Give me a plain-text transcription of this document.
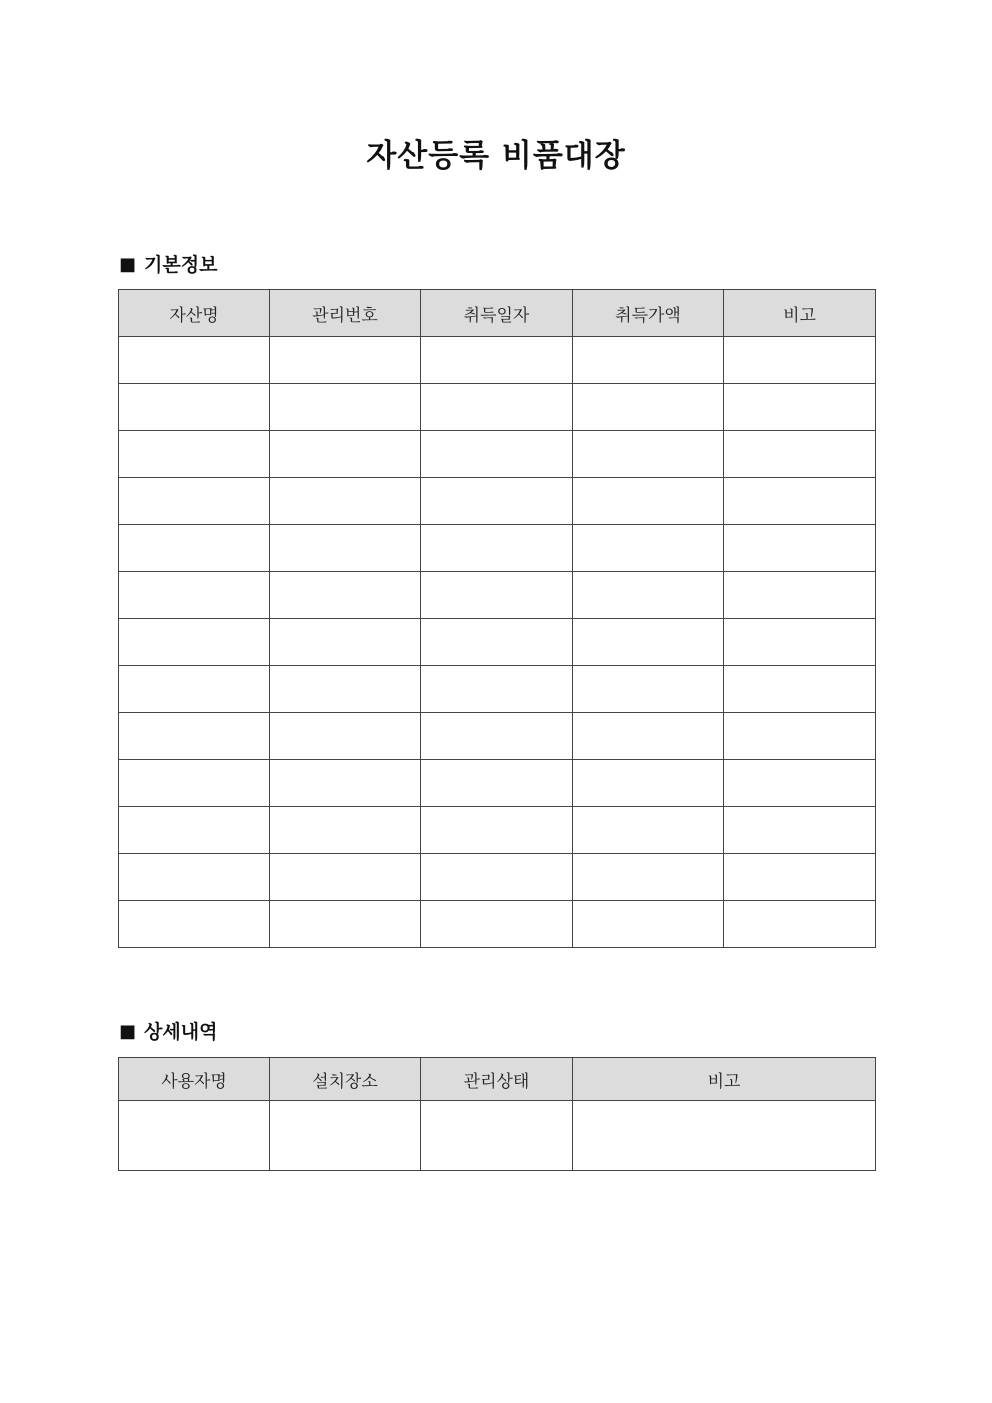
자산등록 비품대장
■ 기본정보
자산명	관리번호	취득일자	취득가액	비고

■ 상세내역
사용자명	설치장소	관리상태	비고
